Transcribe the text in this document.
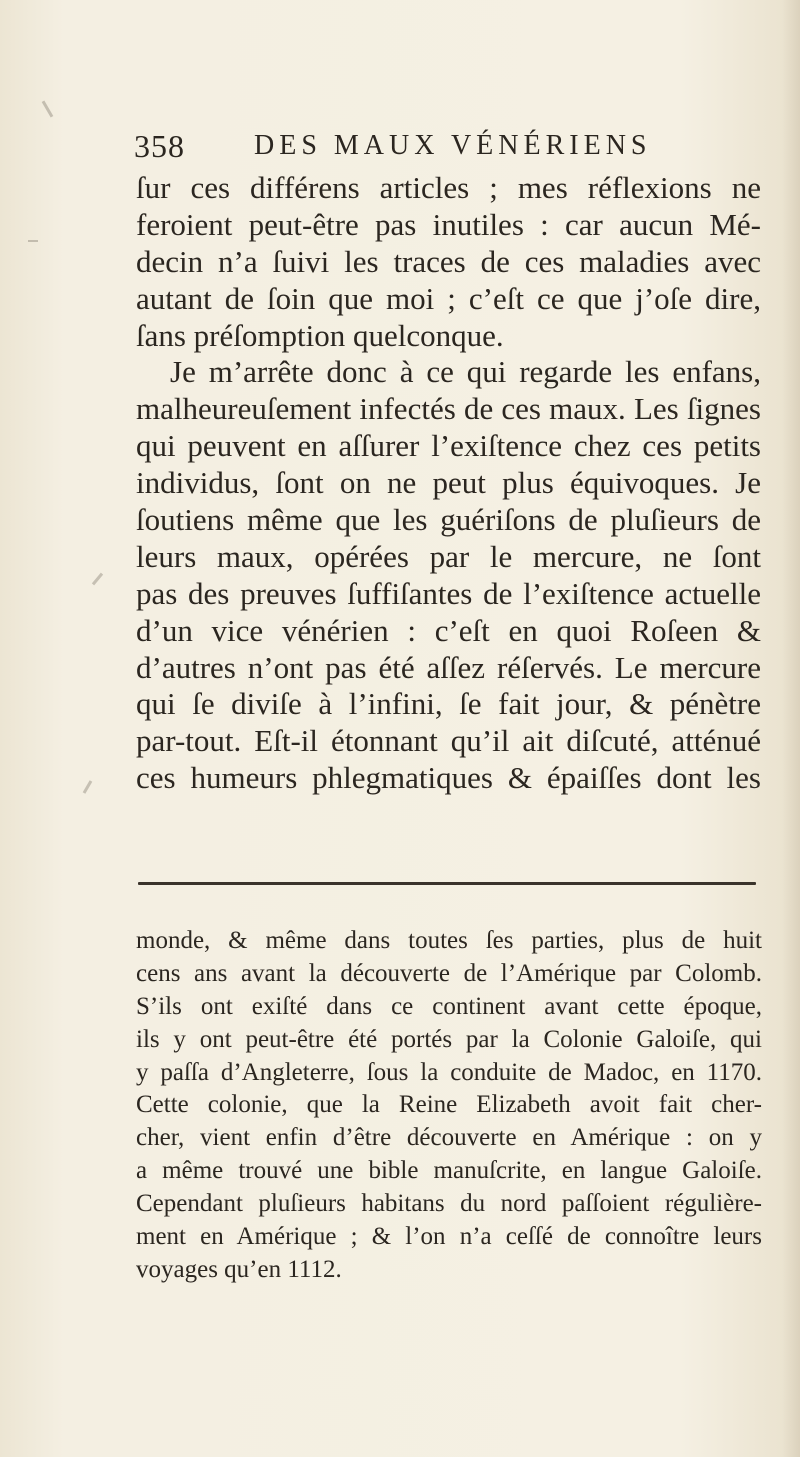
358 DES MAUX VÉNÉRIENS
ſur ces différens articles ; mes réflexions ne
feroient peut-être pas inutiles : car aucun Mé-
decin n’a ſuivi les traces de ces maladies avec
autant de ſoin que moi ; c’eſt ce que j’oſe dire,
ſans préſomption quelconque.
Je m’arrête donc à ce qui regarde les enfans,
malheureuſement infectés de ces maux. Les ſignes
qui peuvent en aſſurer l’exiſtence chez ces petits
individus, ſont on ne peut plus équivoques. Je
ſoutiens même que les guériſons de pluſieurs de
leurs maux, opérées par le mercure, ne ſont
pas des preuves ſuffiſantes de l’exiſtence actuelle
d’un vice vénérien : c’eſt en quoi Roſeen &
d’autres n’ont pas été aſſez réſervés. Le mercure
qui ſe diviſe à l’infini, ſe fait jour, & pénètre
par-tout. Eſt-il étonnant qu’il ait diſcuté, atténué
ces humeurs phlegmatiques & épaiſſes dont les
monde, & même dans toutes ſes parties, plus de huit
cens ans avant la découverte de l’Amérique par Colomb.
S’ils ont exiſté dans ce continent avant cette époque,
ils y ont peut-être été portés par la Colonie Galoiſe, qui
y paſſa d’Angleterre, ſous la conduite de Madoc, en 1170.
Cette colonie, que la Reine Elizabeth avoit fait cher-
cher, vient enfin d’être découverte en Amérique : on y
a même trouvé une bible manuſcrite, en langue Galoiſe.
Cependant pluſieurs habitans du nord paſſoient régulière-
ment en Amérique ; & l’on n’a ceſſé de connoître leurs
voyages qu’en 1112.
